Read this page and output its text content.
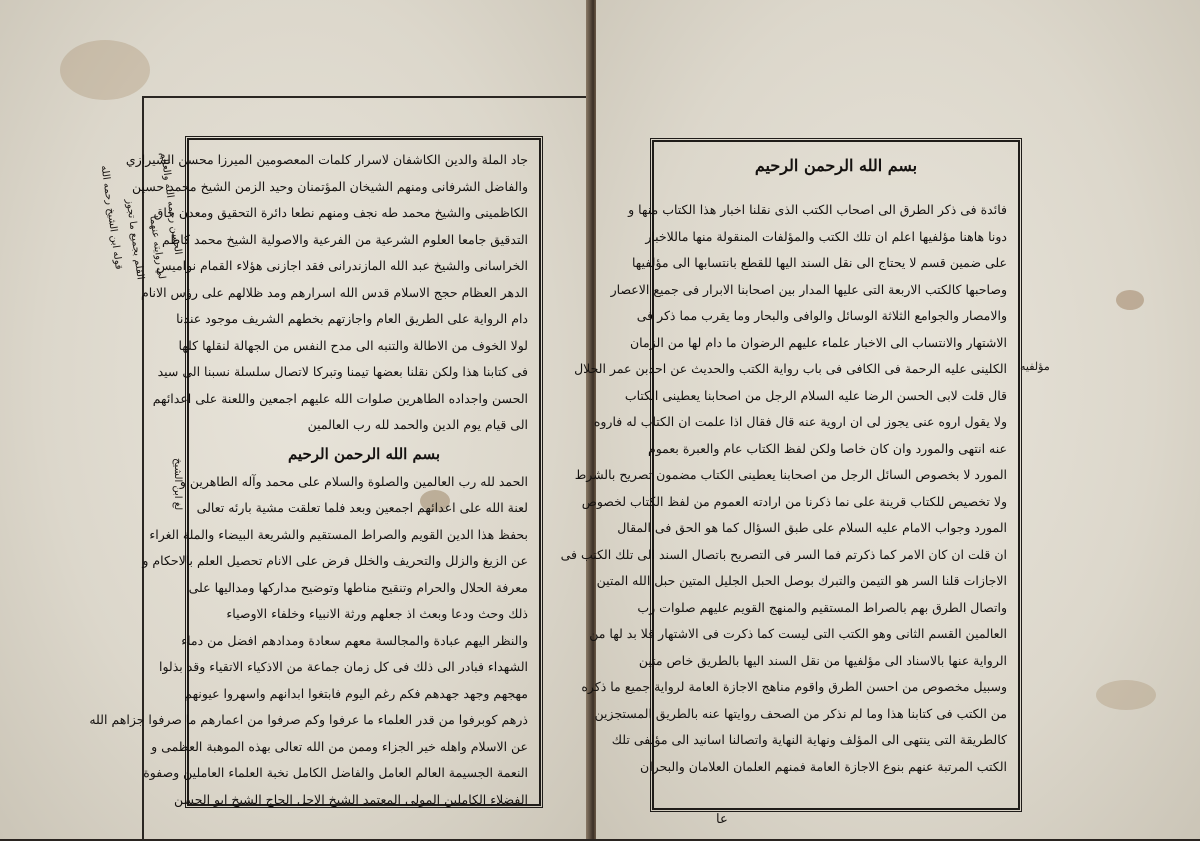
قوله ابن الشيخ رحمه الله القلم بجميع ما تجوز لي روايته عنهما
الحسن رحمه الله والعالم
لغ ابن الشيخ
جاد الملة والدين الكاشفان لاسرار كلمات المعصومين الميرزا محسن الشيرازي
والفاضل الشرفانى ومنهم الشيخان المؤتمنان وحيد الزمن الشيخ محمد حسين
الكاظمينى والشيخ محمد طه نجف ومنهم نطعا دائرة التحقيق ومعدن حاق
التدقيق جامعا العلوم الشرعية من الفرعية والاصولية الشيخ محمد كاظم
الخراسانى والشيخ عبد الله المازندرانى فقد اجازنى هؤلاء القمام نواميس
الدهر العظام حجج الاسلام قدس الله اسرارهم ومد ظلالهم على رؤس الانام
دام الرواية على الطريق العام واجازتهم بخطهم الشريف موجود عندنا
لولا الخوف من الاطالة والتنبه الى مدح النفس من الجهالة لنقلها كلها
فى كتابنا هذا ولكن نقلنا بعضها تيمنا وتبركا لاتصال سلسلة نسبنا الى سيد
الحسن واجداده الطاهرين صلوات الله عليهم اجمعين واللعنة على اعدائهم
الى قيام يوم الدين والحمد لله رب العالمين
بسم الله الرحمن الرحيم
الحمد لله رب العالمين والصلوة والسلام على محمد وآله الطاهرين و
لعنة الله على اعدائهم اجمعين وبعد فلما تعلقت مشية بارئه تعالى
بحفظ هذا الدين القويم والصراط المستقيم والشريعة البيضاء والملة الغراء
عن الزيغ والزلل والتحريف والخلل فرض على الانام تحصيل العلم بالاحكام و
معرفة الحلال والحرام وتنقيح مناطها وتوضيح مداركها ومداليها على
ذلك وحث ودعا وبعث اذ جعلهم ورثة الانبياء وخلفاء الاوصياء
والنظر اليهم عبادة والمجالسة معهم سعادة ومدادهم افضل من دماء
الشهداء فبادر الى ذلك فى كل زمان جماعة من الاذكياء الاتقياء وقد بذلوا
مهجهم وجهد جهدهم فكم رغم اليوم فابتغوا ابدانهم واسهروا عيونهم
ذرهم كوبرفوا من قدر العلماء ما عرفوا وكم صرفوا من اعمارهم ما صرفوا جزاهم الله
عن الاسلام واهله خير الجزاء وممن من الله تعالى بهذه الموهبة العظمى و
النعمة الجسيمة العالم العامل والفاضل الكامل نخبة العلماء العاملين وصفوة
الفضلاء الكاملين المولى المعتمد الشيخ الاجل الحاج الشيخ ابو الحسن
بسم الله الرحمن الرحيم
فائدة فى ذكر الطرق الى اصحاب الكتب الذى نقلنا اخبار هذا الكتاب منها و
دونا هاهنا مؤلفيها اعلم ان تلك الكتب والمؤلفات المنقولة منها ماللاخبار
على ضمين قسم لا يحتاج الى نقل السند اليها للقطع بانتسابها الى مؤلفيها
وصاحبها كالكتب الاربعة التى عليها المدار بين اصحابنا الابرار فى جميع الاعصار
والامصار والجوامع الثلاثة الوسائل والوافى والبحار وما يقرب مما ذكر فى
الاشتهار والانتساب الى الاخبار علماء عليهم الرضوان ما دام لها من الزمان
الكلينى عليه الرحمة فى الكافى فى باب رواية الكتب والحديث عن احدبن عمر الحلال
قال قلت لابى الحسن الرضا عليه السلام الرجل من اصحابنا يعطينى الكتاب
ولا يقول اروه عنى يجوز لى ان اروية عنه قال فقال اذا علمت ان الكتاب له فاروه
عنه انتهى والمورد وان كان خاصا ولكن لفظ الكتاب عام والعبرة بعموم
المورد لا بخصوص السائل الرجل من اصحابنا يعطينى الكتاب مضمون تصريح بالشرط
ولا تخصيص للكتاب قرينة على نما ذكرنا من ارادته العموم من لفظ الكتاب لخصوص
المورد وجواب الامام عليه السلام على طبق السؤال كما هو الحق فى المقال
ان قلت ان كان الامر كما ذكرتم فما السر فى التصريح باتصال السند الى تلك الكتب فى
الاجازات قلنا السر هو التيمن والتبرك بوصل الحبل الجليل المتين حبل الله المتين
واتصال الطرق بهم بالصراط المستقيم والمنهج القويم عليهم صلوات رب
العالمين القسم الثانى وهو الكتب التى ليست كما ذكرت فى الاشتهار فلا بد لها من
الرواية عنها بالاسناد الى مؤلفيها من نقل السند اليها بالطريق خاص متين
وسبيل مخصوص من احسن الطرق واقوم مناهج الاجازة العامة لرواية جميع ما ذكره
من الكتب فى كتابنا هذا وما لم نذكر من الصحف روايتها عنه بالطريق المستجزين
كالطريقة التى ينتهى الى المؤلف ونهاية النهاية واتصالنا اسانيد الى مؤلفى تلك
الكتب المرتبة عنهم بنوع الاجازة العامة فمنهم العلمان العلامان والبحران
مؤلفيه
عا
